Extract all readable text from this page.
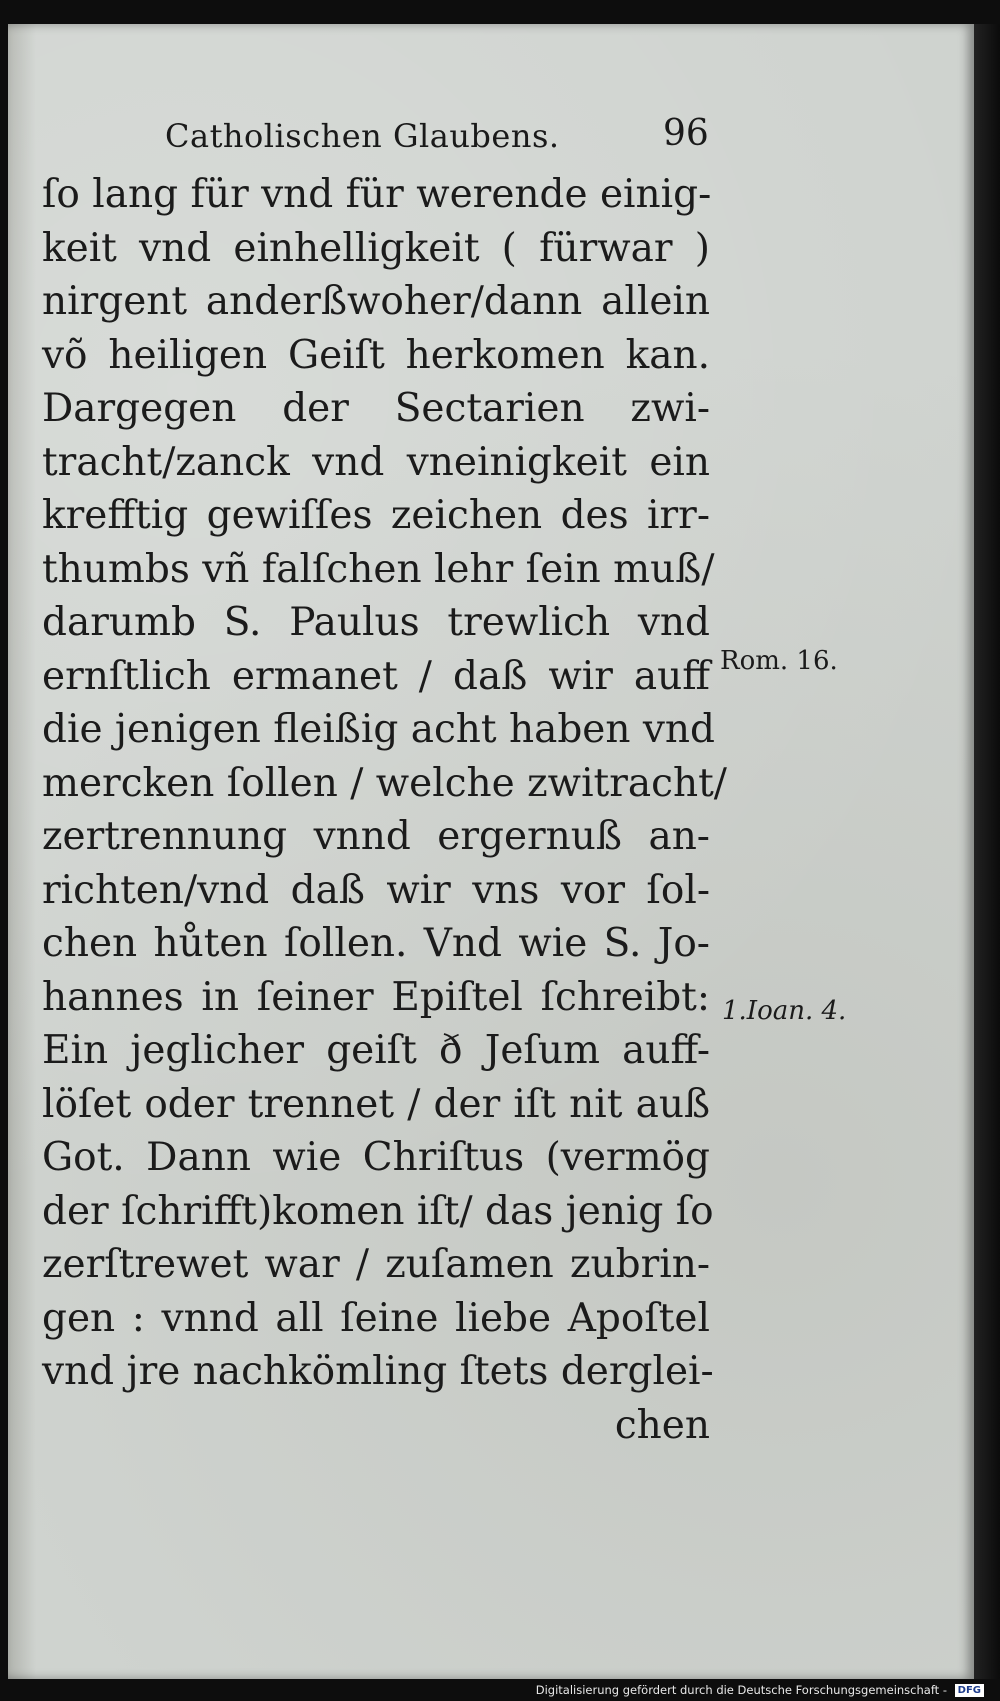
Catholischen Glaubens.	96
ſo lang für vnd für werende einig-
keit vnd einhelligkeit ( fürwar )
nirgent anderßwoher/dann allein
võ heiligen Geiſt herkomen kan.
Dargegen der Sectarien zwi-
tracht/zanck vnd vneinigkeit ein
krefftig gewiſſes zeichen des irr-
thumbs vñ falſchen lehr ſein muß/
darumb S. Paulus trewlich vnd
ernſtlich ermanet / daß wir auff
die jenigen fleißig acht haben vnd
mercken ſollen / welche zwitracht/
zertrennung vnnd ergernuß an-
richten/vnd daß wir vns vor ſol-
chen hůten ſollen. Vnd wie S. Jo-
hannes in ſeiner Epiſtel ſchreibt:
Ein jeglicher geiſt ð Jeſum auff-
löſet oder trennet / der iſt nit auß
Got. Dann wie Chriſtus (vermög
der ſchrifft)komen iſt/ das jenig ſo
zerſtrewet war / zuſamen zubrin-
gen : vnnd all ſeine liebe Apoſtel
vnd jre nachkömling ſtets derglei-
chen
Rom. 16.
1.Ioan. 4.
Digitalisierung gefördert durch die Deutsche Forschungsgemeinschaft - DFG
